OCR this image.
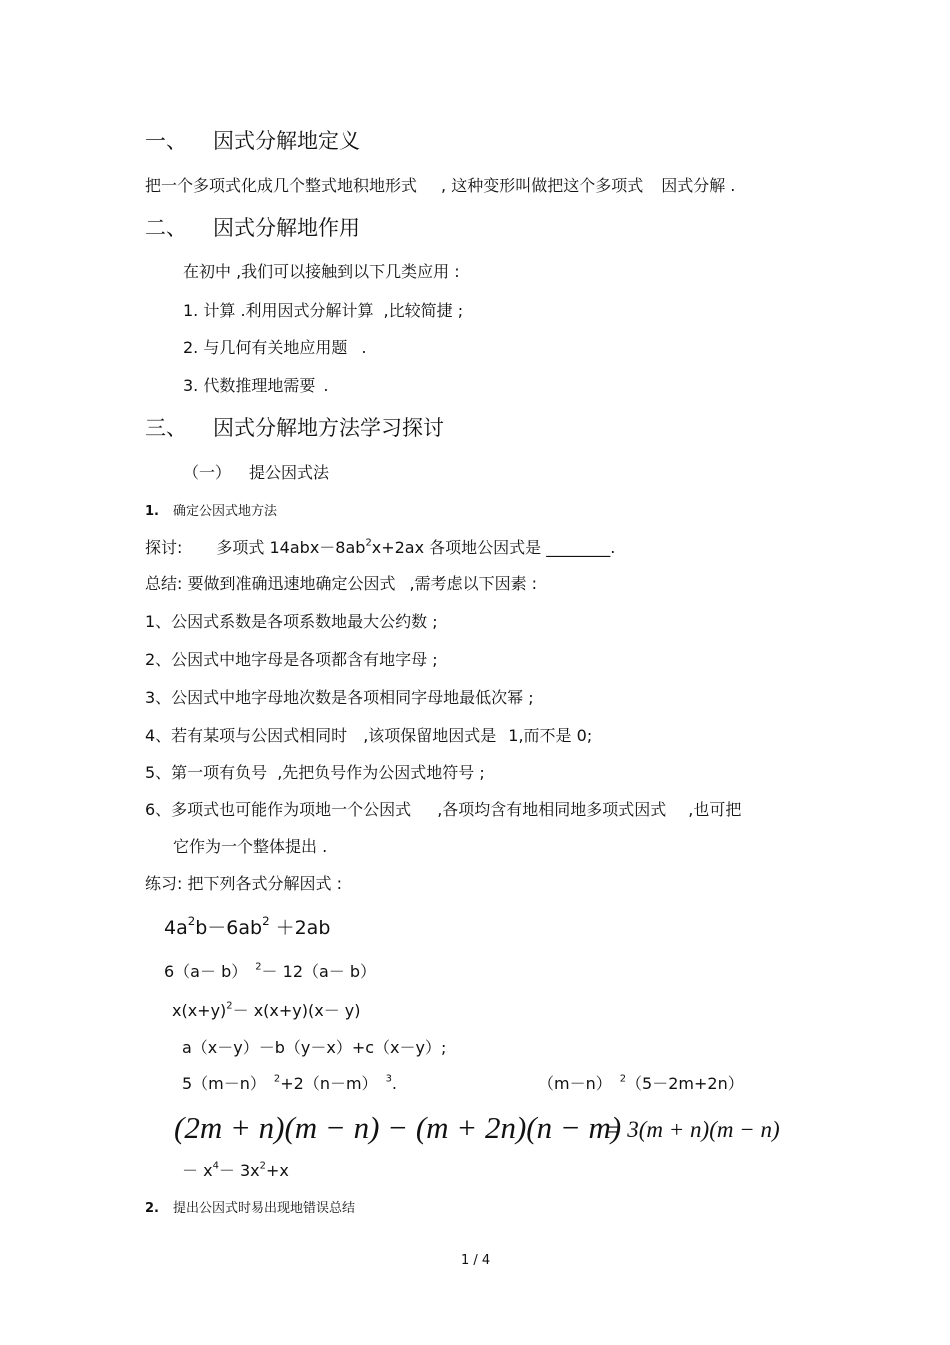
一、 因式分解地定义
把一个多项式化成几个整式地积地形式 , 这种变形叫做把这个多项式 因式分解 .
二、 因式分解地作用
在初中 ,我们可以接触到以下几类应用 :
1. 计算 .利用因式分解计算 ,比较简捷 ;
2. 与几何有关地应用题 .
3. 代数推理地需要 .
三、 因式分解地方法学习探讨
（一） 提公因式法
1. 确定公因式地方法
探讨: 多项式 $14abx-8ab^2x+2ax$ 各项地公因式是 ________.
总结: 要做到准确迅速地确定公因式 ,需考虑以下因素 :
1、公因式系数是各项系数地最大公约数 ;
2、公因式中地字母是各项都含有地字母 ;
3、公因式中地字母地次数是各项相同字母地最低次幂 ;
4、若有某项与公因式相同时 ,该项保留地因式是 1,而不是 0;
5、第一项有负号 ,先把负号作为公因式地符号 ;
6、多项式也可能作为项地一个公因式 ,各项均含有地相同地多项式因式 ,也可把
它作为一个整体提出 .
练习: 把下列各式分解因式 :
$4a^2b-6ab^2 +2ab$
6（a－ b） $^2$－ 12（a－ b）
$x(x+y)^2- x(x+y)(x- y)$
a（x－y）－b（y－x）+c（x－y）;
5（m－n） $^2$+2（n－m） $^3$.	（m－n） $^2$（5－2m+2n）
(2m + n)(m − n) − (m + 2n)(n − m)
= 3(m + n)(m − n)
－ $x^4- 3x^2+x$
2. 提出公因式时易出现地错误总结
1 / 4
